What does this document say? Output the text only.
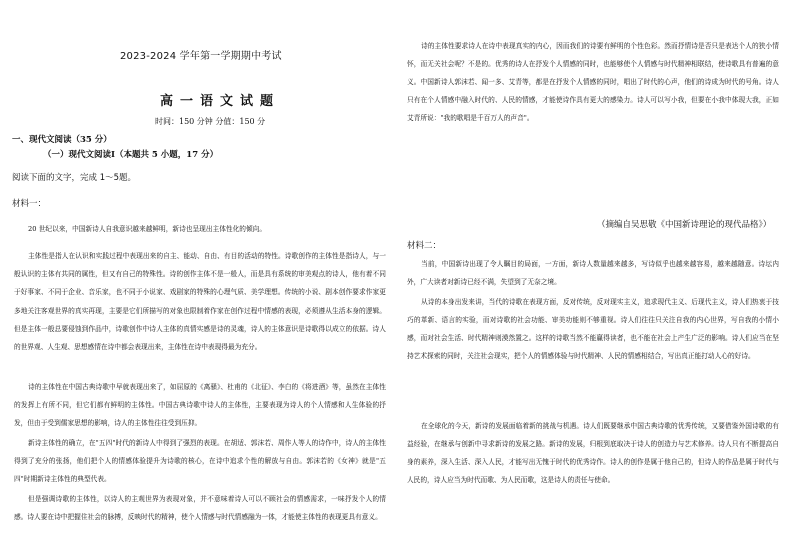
2023-2024 学年第一学期期中考试
高一语文试题
时间：150 分钟 分值：150 分
一、现代文阅读（35 分）
（一）现代文阅读Ⅰ（本题共 5 小题，17 分）
阅读下面的文字，完成 1～5题。
材料一：
20 世纪以来，中国新诗人自我意识越来越鲜明，新诗也呈现出主体性化的倾向。
主体性是指人在认识和实践过程中表现出来的自主、能动、自由、有目的活动的特性。诗歌创作的主体性是指诗人，与一般认识的主体有共同的属性，但又有自己的特殊性。诗的创作主体不是一般人，而是具有系统的审美观点的诗人，他有着不同于好事家、不同于企业、音乐家，也不同于小说家、戏剧家的特殊的心理气质、美学理想。传统的小说、剧本创作要求作家更多地关注客观世界的真实再现，主要是它们所描写的对象也限制着作家在创作过程中情感的表现，必须遵从生活本身的逻辑。但是主体一般总要侵蚀到作品中，诗歌创作中诗人主体的真情实感是诗的灵魂，诗人的主体意识是诗歌得以成立的依据。诗人的世界观、人生观、思想感情在诗中都会表现出来，主体性在诗中表现得最为充分。
诗的主体性在中国古典诗歌中早就表现出来了，如屈原的《离骚》、杜甫的《北征》、李白的《将进酒》等，虽然在主体性的发挥上有所不同，但它们都有鲜明的主体性。中国古典诗歌中诗人的主体性，主要表现为诗人的个人情感和人生体验的抒发，但由于受到儒家思想的影响，诗人的主体性往往受到压抑。
新诗主体性的确立，在"五四"时代的新诗人中得到了强烈的表现。在胡适、郭沫若、周作人等人的诗作中，诗人的主体性得到了充分的张扬，他们把个人的情感体验提升为诗歌的核心，在诗中追求个性的解放与自由。郭沫若的《女神》就是"五四"时期新诗主体性的典型代表。
但是强调诗歌的主体性，以诗人的主观世界为表现对象，并不意味着诗人可以不顾社会的情感需求，一味抒发个人的情感。诗人要在诗中把握住社会的脉搏，反映时代的精神，使个人情感与时代情感融为一体，才能使主体性的表现更具有意义。
诗的主体性要求诗人在诗中表现真实的内心，因而我们的诗要有鲜明的个性色彩。然而抒情诗是否只是表达个人的狭小情怀，而无关社会呢？不是的。优秀的诗人在抒发个人情感的同时，也能够使个人情感与时代精神相联结，使诗歌具有普遍的意义。中国新诗人郭沫若、闻一多、艾青等，都是在抒发个人情感的同时，唱出了时代的心声，他们的诗成为时代的号角。诗人只有在个人情感中融入时代的、人民的情感，才能使诗作具有更大的感染力。诗人可以写小我，但要在小我中体现大我，正如艾青所说："我的歌唱是千百万人的声音"。
（摘编自吴思敬《中国新诗理论的现代品格》）
材料二：
当前，中国新诗出现了令人瞩目的局面，一方面，新诗人数量越来越多，写诗似乎也越来越容易，越来越随意。诗坛内外，广大读者对新诗已经不满，失望到了无奈之境。
从诗的本身出发来讲，当代的诗歌在表现方面，反对传统，反对现实主义，追求现代主义、后现代主义，诗人们热衷于技巧的革新、语言的实验，而对诗歌的社会功能、审美功能则不够重视。诗人们往往只关注自我的内心世界，写自我的小情小感，而对社会生活、时代精神则漠然置之。这样的诗歌当然不能赢得读者，也不能在社会上产生广泛的影响。诗人们应当在坚持艺术探索的同时，关注社会现实，把个人的情感体验与时代精神、人民的情感相结合，写出真正能打动人心的好诗。
在全球化的今天，新诗的发展面临着新的挑战与机遇。诗人们既要继承中国古典诗歌的优秀传统，又要借鉴外国诗歌的有益经验，在继承与创新中寻求新诗的发展之路。新诗的发展，归根到底取决于诗人的创造力与艺术修养。诗人只有不断提高自身的素养，深入生活、深入人民，才能写出无愧于时代的优秀诗作。诗人的创作是属于他自己的，但诗人的作品是属于时代与人民的，诗人应当为时代而歌、为人民而歌，这是诗人的责任与使命。
